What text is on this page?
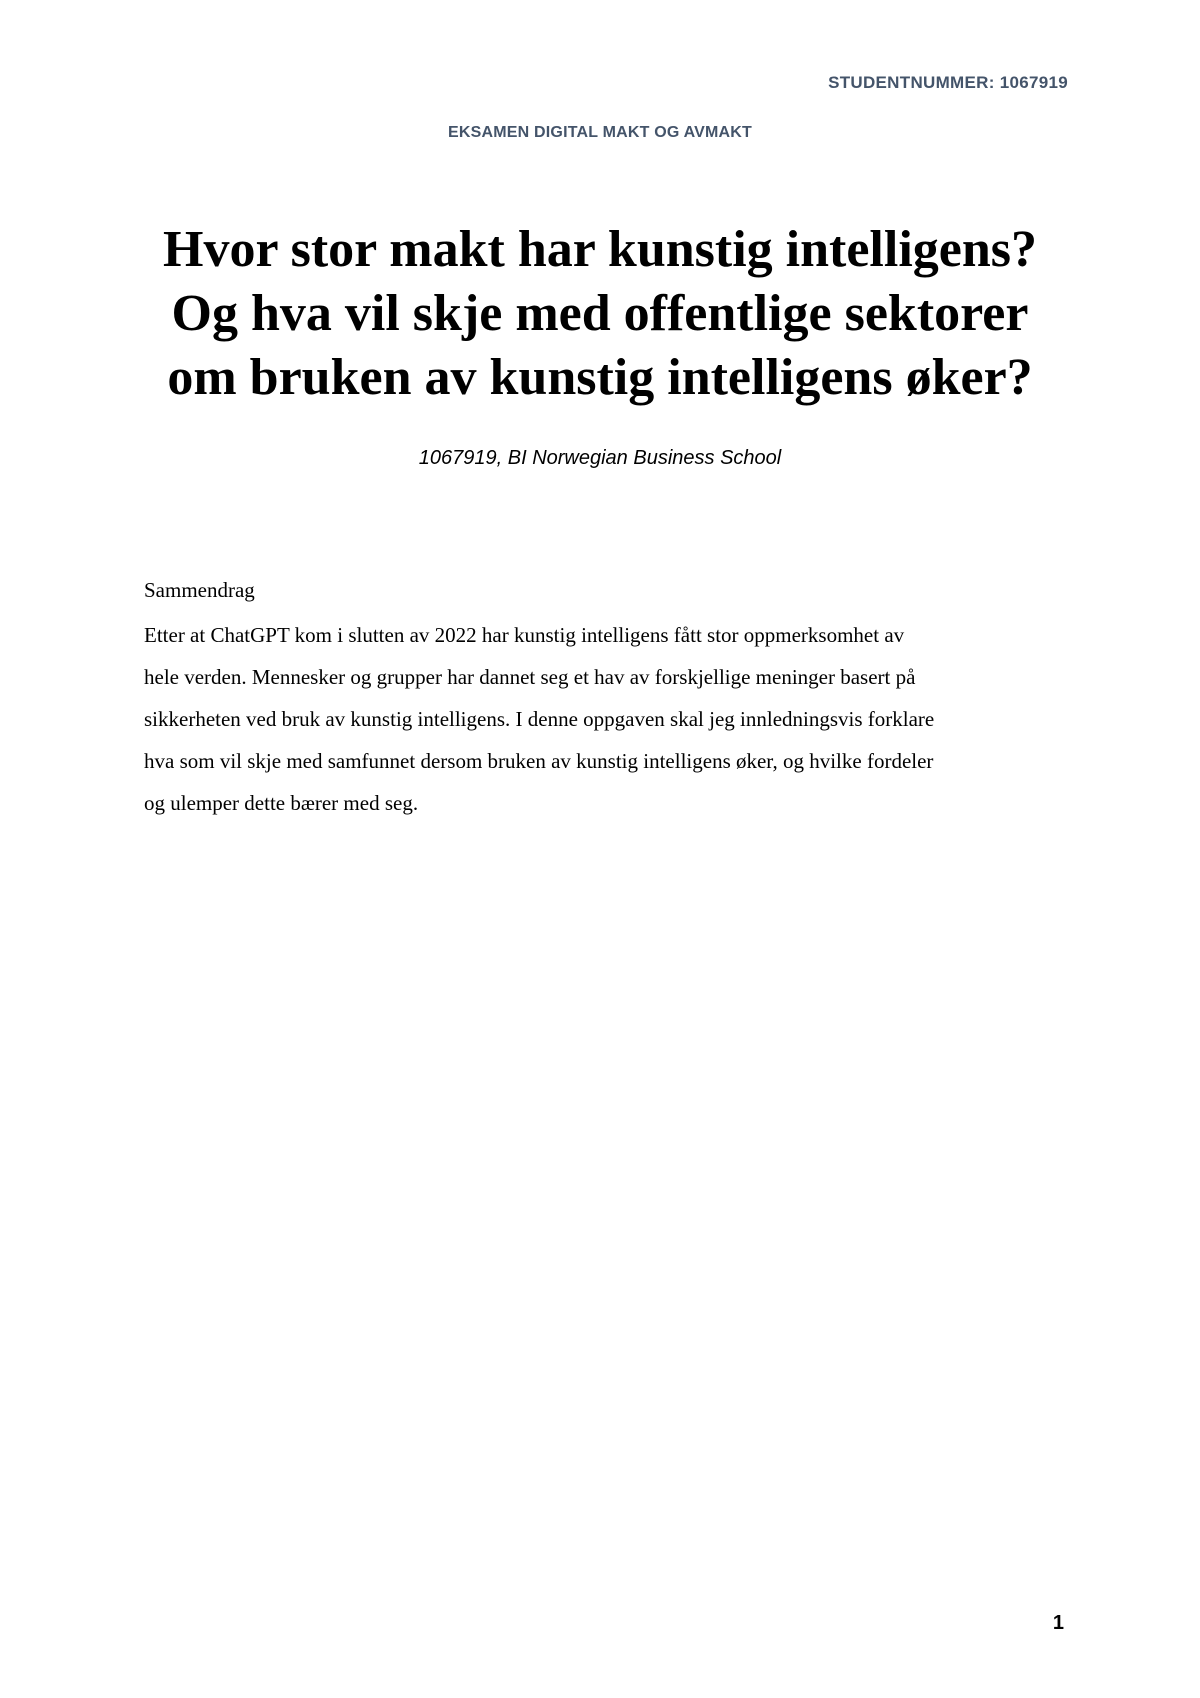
STUDENTNUMMER: 1067919
EKSAMEN DIGITAL MAKT OG AVMAKT
Hvor stor makt har kunstig intelligens?
Og hva vil skje med offentlige sektorer
om bruken av kunstig intelligens øker?
1067919, BI Norwegian Business School
Sammendrag
Etter at ChatGPT kom i slutten av 2022 har kunstig intelligens fått stor oppmerksomhet av
hele verden. Mennesker og grupper har dannet seg et hav av forskjellige meninger basert på
sikkerheten ved bruk av kunstig intelligens. I denne oppgaven skal jeg innledningsvis forklare
hva som vil skje med samfunnet dersom bruken av kunstig intelligens øker, og hvilke fordeler
og ulemper dette bærer med seg.
1
